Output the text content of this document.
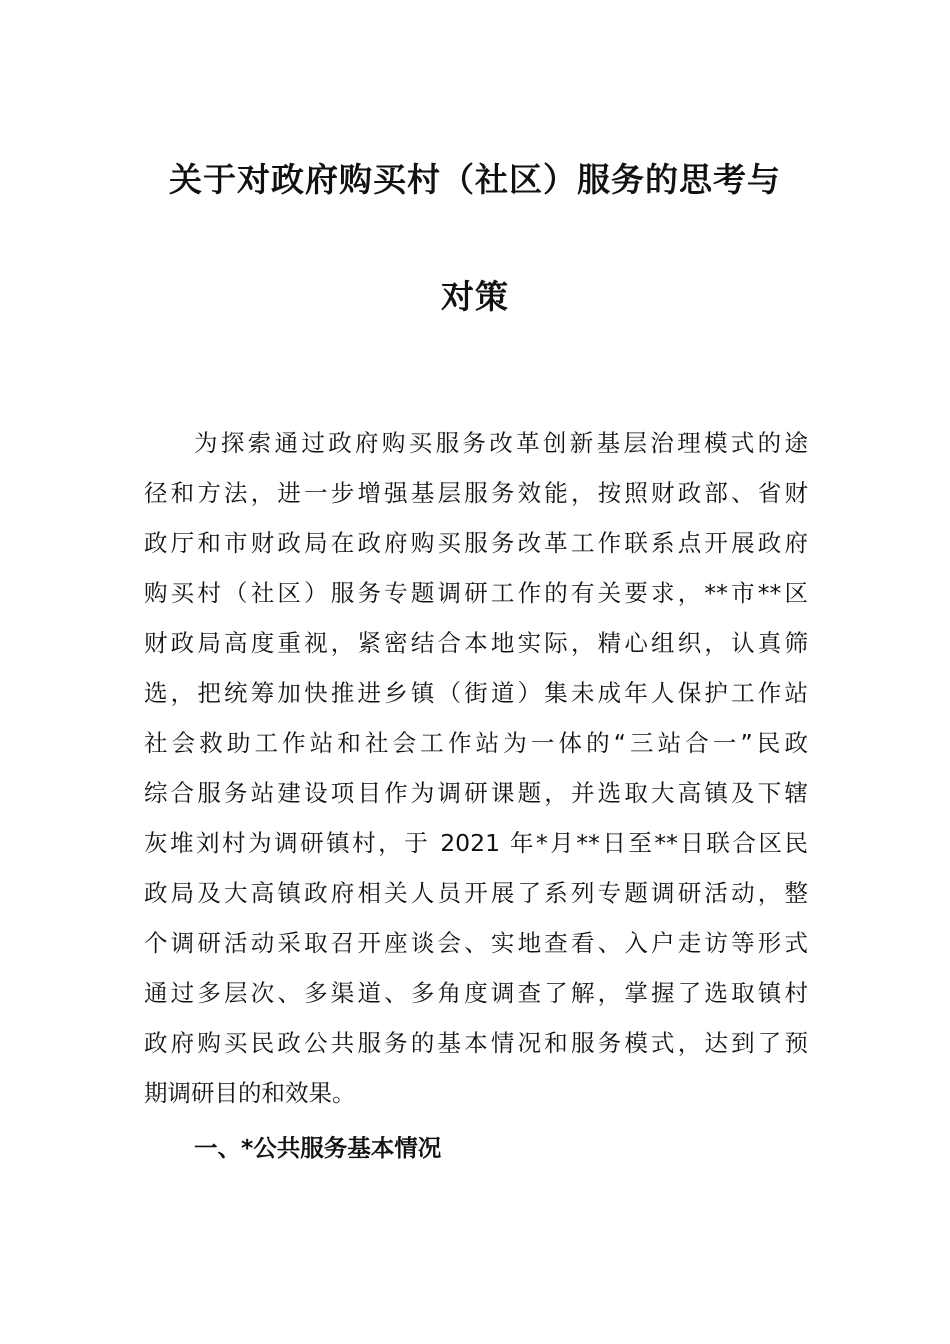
关于对政府购买村（社区）服务的思考与
对策

为探索通过政府购买服务改革创新基层治理模式的途
径和方法，进一步增强基层服务效能，按照财政部、省财
政厅和市财政局在政府购买服务改革工作联系点开展政府
购买村（社区）服务专题调研工作的有关要求，**市**区
财政局高度重视，紧密结合本地实际，精心组织，认真筛
选，把统筹加快推进乡镇（街道）集未成年人保护工作站
社会救助工作站和社会工作站为一体的“三站合一”民政
综合服务站建设项目作为调研课题，并选取大高镇及下辖
灰堆刘村为调研镇村，于 2021 年*月**日至**日联合区民
政局及大高镇政府相关人员开展了系列专题调研活动，整
个调研活动采取召开座谈会、实地查看、入户走访等形式
通过多层次、多渠道、多角度调查了解，掌握了选取镇村
政府购买民政公共服务的基本情况和服务模式，达到了预
期调研目的和效果。

一、*公共服务基本情况
